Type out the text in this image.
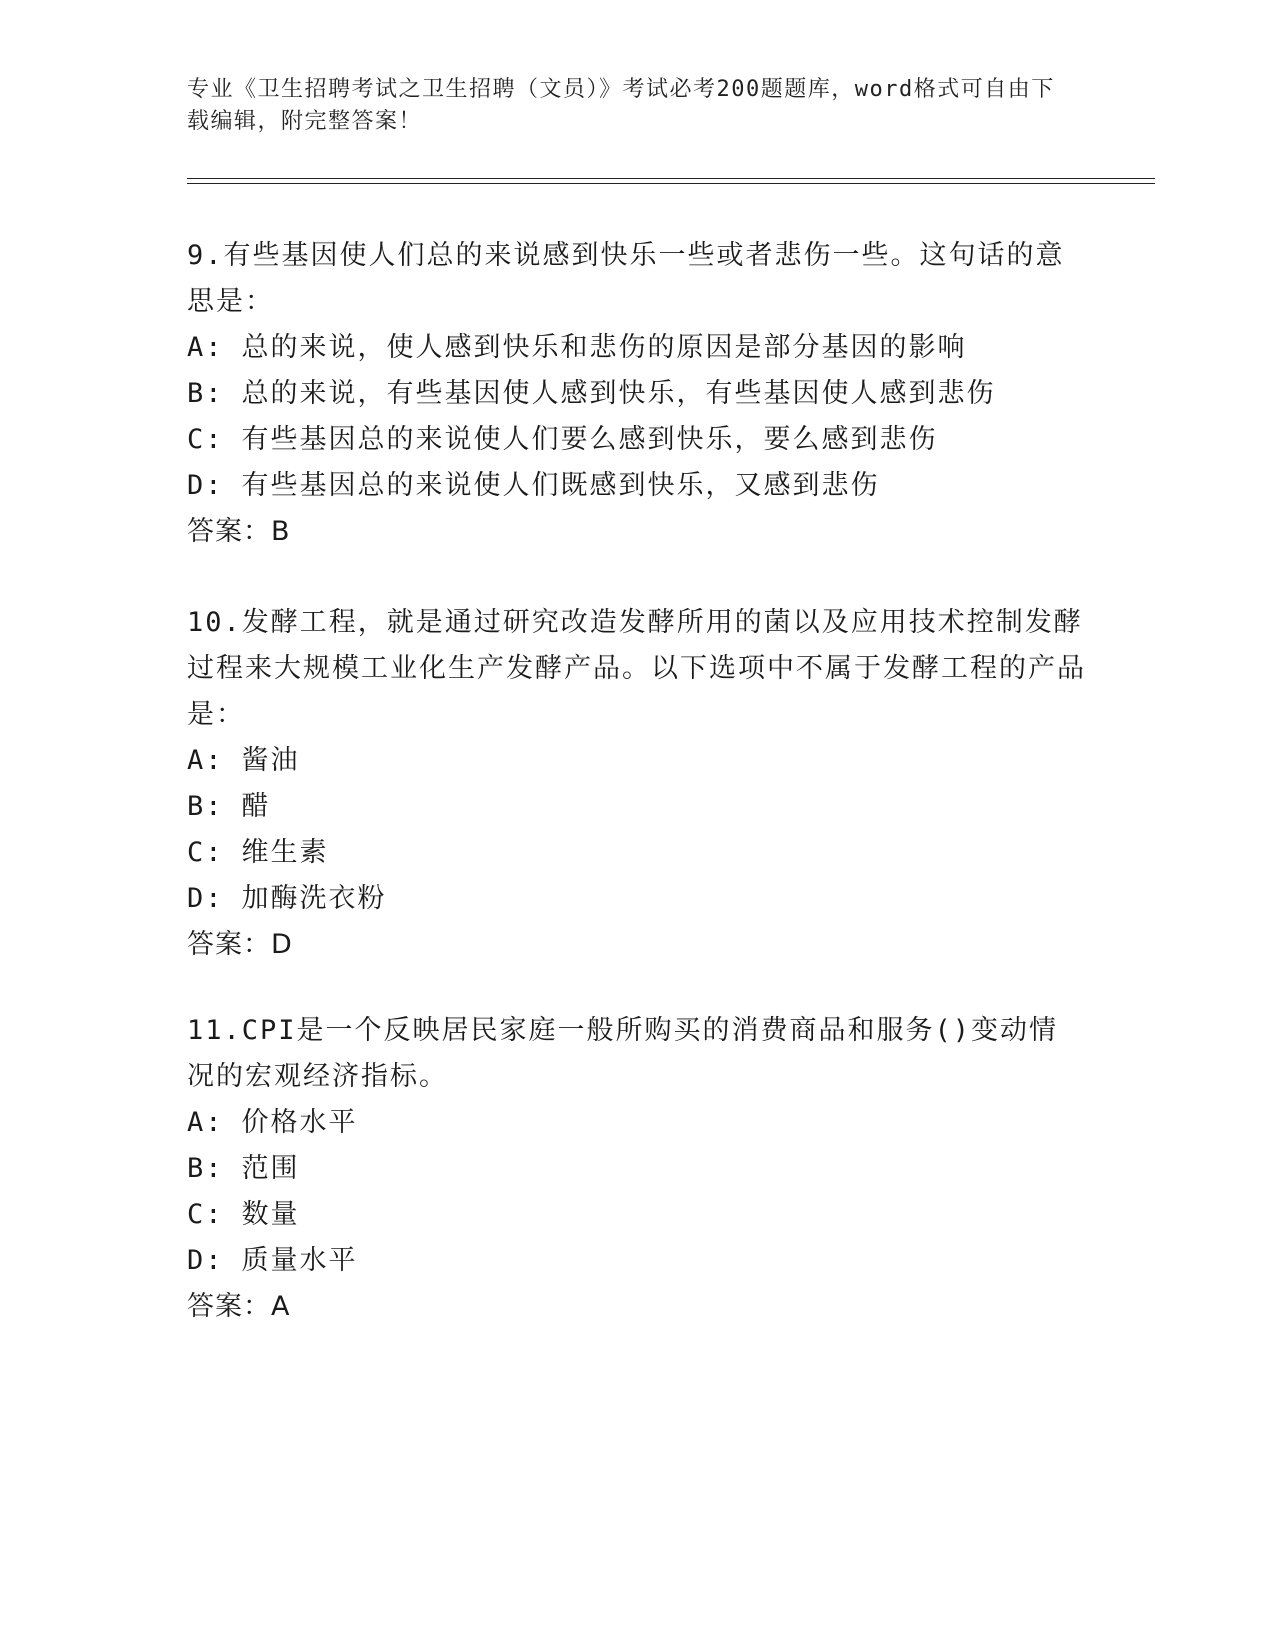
专业《卫生招聘考试之卫生招聘（文员）》考试必考200题题库，word格式可自由下载编辑，附完整答案！

9.有些基因使人们总的来说感到快乐一些或者悲伤一些。这句话的意思是：

A: 总的来说，使人感到快乐和悲伤的原因是部分基因的影响

B: 总的来说，有些基因使人感到快乐，有些基因使人感到悲伤

C: 有些基因总的来说使人们要么感到快乐，要么感到悲伤

D: 有些基因总的来说使人们既感到快乐，又感到悲伤

答案：B

10.发酵工程，就是通过研究改造发酵所用的菌以及应用技术控制发酵过程来大规模工业化生产发酵产品。以下选项中不属于发酵工程的产品是：

A: 酱油

B: 醋

C: 维生素

D: 加酶洗衣粉

答案：D

11.CPI是一个反映居民家庭一般所购买的消费商品和服务()变动情况的宏观经济指标。

A: 价格水平

B: 范围

C: 数量

D: 质量水平

答案：A
